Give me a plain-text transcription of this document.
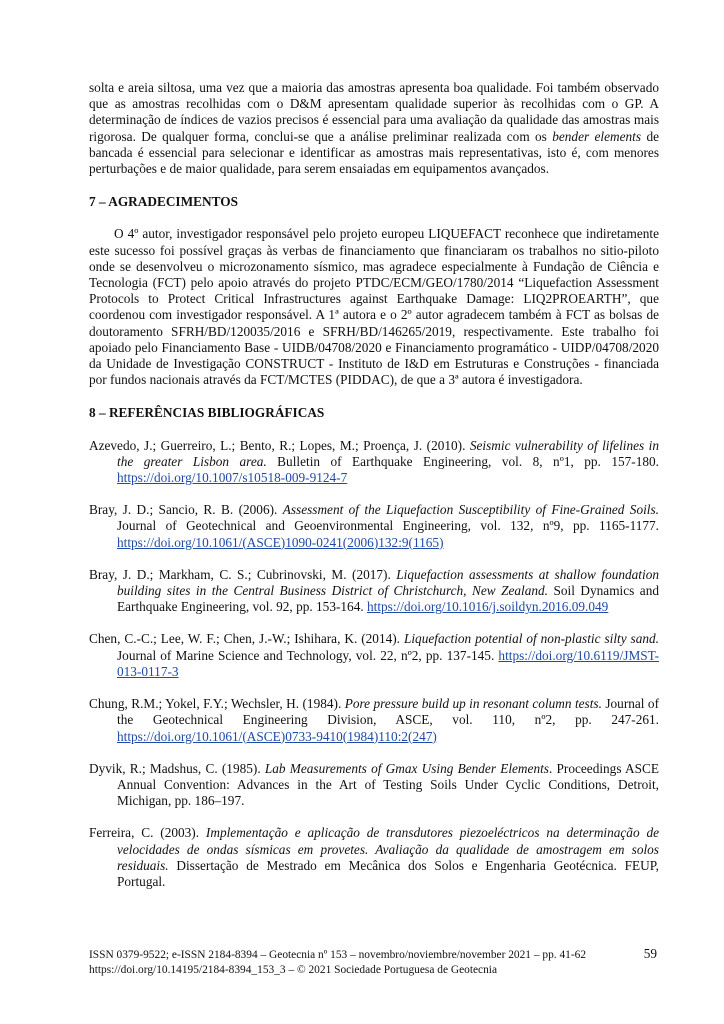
solta e areia siltosa, uma vez que a maioria das amostras apresenta boa qualidade. Foi também observado que as amostras recolhidas com o D&M apresentam qualidade superior às recolhidas com o GP. A determinação de índices de vazios precisos é essencial para uma avaliação da qualidade das amostras mais rigorosa. De qualquer forma, conclui-se que a análise preliminar realizada com os bender elements de bancada é essencial para selecionar e identificar as amostras mais representativas, isto é, com menores perturbações e de maior qualidade, para serem ensaiadas em equipamentos avançados.

7 – AGRADECIMENTOS

O 4º autor, investigador responsável pelo projeto europeu LIQUEFACT reconhece que indiretamente este sucesso foi possível graças às verbas de financiamento que financiaram os trabalhos no sitio-piloto onde se desenvolveu o microzonamento sísmico, mas agradece especialmente à Fundação de Ciência e Tecnologia (FCT) pelo apoio através do projeto PTDC/ECM/GEO/1780/2014 “Liquefaction Assessment Protocols to Protect Critical Infrastructures against Earthquake Damage: LIQ2PROEARTH”, que coordenou com investigador responsável. A 1ª autora e o 2º autor agradecem também à FCT as bolsas de doutoramento SFRH/BD/120035/2016 e SFRH/BD/146265/2019, respectivamente. Este trabalho foi apoiado pelo Financiamento Base - UIDB/04708/2020 e Financiamento programático - UIDP/04708/2020 da Unidade de Investigação CONSTRUCT - Instituto de I&D em Estruturas e Construções - financiada por fundos nacionais através da FCT/MCTES (PIDDAC), de que a 3ª autora é investigadora.

8 – REFERÊNCIAS BIBLIOGRÁFICAS

Azevedo, J.; Guerreiro, L.; Bento, R.; Lopes, M.; Proença, J. (2010). Seismic vulnerability of lifelines in the greater Lisbon area. Bulletin of Earthquake Engineering, vol. 8, nº1, pp. 157-180. https://doi.org/10.1007/s10518-009-9124-7

Bray, J. D.; Sancio, R. B. (2006). Assessment of the Liquefaction Susceptibility of Fine-Grained Soils. Journal of Geotechnical and Geoenvironmental Engineering, vol. 132, nº9, pp. 1165-1177. https://doi.org/10.1061/(ASCE)1090-0241(2006)132:9(1165)

Bray, J. D.; Markham, C. S.; Cubrinovski, M. (2017). Liquefaction assessments at shallow foundation building sites in the Central Business District of Christchurch, New Zealand. Soil Dynamics and Earthquake Engineering, vol. 92, pp. 153-164. https://doi.org/10.1016/j.soildyn.2016.09.049

Chen, C.-C.; Lee, W. F.; Chen, J.-W.; Ishihara, K. (2014). Liquefaction potential of non-plastic silty sand. Journal of Marine Science and Technology, vol. 22, nº2, pp. 137-145. https://doi.org/10.6119/JMST-013-0117-3

Chung, R.M.; Yokel, F.Y.; Wechsler, H. (1984). Pore pressure build up in resonant column tests. Journal of the Geotechnical Engineering Division, ASCE, vol. 110, nº2, pp. 247-261. https://doi.org/10.1061/(ASCE)0733-9410(1984)110:2(247)

Dyvik, R.; Madshus, C. (1985). Lab Measurements of Gmax Using Bender Elements. Proceedings ASCE Annual Convention: Advances in the Art of Testing Soils Under Cyclic Conditions, Detroit, Michigan, pp. 186–197.

Ferreira, C. (2003). Implementação e aplicação de transdutores piezoeléctricos na determinação de velocidades de ondas sísmicas em provetes. Avaliação da qualidade de amostragem em solos residuais. Dissertação de Mestrado em Mecânica dos Solos e Engenharia Geotécnica. FEUP, Portugal.

ISSN 0379-9522; e-ISSN 2184-8394 – Geotecnia nº 153 – novembro/noviembre/november 2021 – pp. 41-62	59
https://doi.org/10.14195/2184-8394_153_3 – © 2021 Sociedade Portuguesa de Geotecnia
